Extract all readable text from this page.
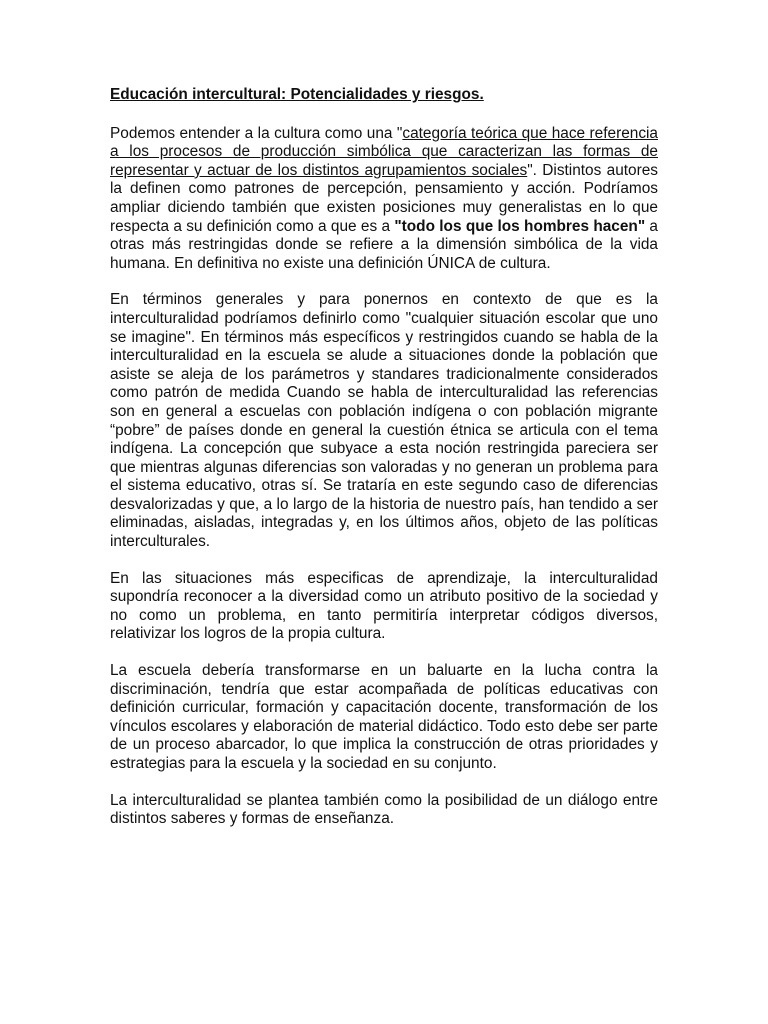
Educación intercultural: Potencialidades y riesgos.

Podemos entender a la cultura como una "categoría teórica que hace referencia a los procesos de producción simbólica que caracterizan las formas de representar y actuar de los distintos agrupamientos sociales". Distintos autores la definen como patrones de percepción, pensamiento y acción. Podríamos ampliar diciendo también que existen posiciones muy generalistas en lo que respecta a su definición como a que es a "todo los que los hombres hacen" a otras más restringidas donde se refiere a la dimensión simbólica de la vida humana. En definitiva no existe una definición ÚNICA de cultura.

En términos generales y para ponernos en contexto de que es la interculturalidad podríamos definirlo como "cualquier situación escolar que uno se imagine". En términos más específicos y restringidos cuando se habla de la interculturalidad en la escuela se alude a situaciones donde la población que asiste se aleja de los parámetros y standares tradicionalmente considerados como patrón de medida Cuando se habla de interculturalidad las referencias son en general a escuelas con población indígena o con población migrante “pobre” de países donde en general la cuestión étnica se articula con el tema indígena. La concepción que subyace a esta noción restringida pareciera ser que mientras algunas diferencias son valoradas y no generan un problema para el sistema educativo, otras sí. Se trataría en este segundo caso de diferencias desvalorizadas y que, a lo largo de la historia de nuestro país, han tendido a ser eliminadas, aisladas, integradas y, en los últimos años, objeto de las políticas interculturales.

En las situaciones más especificas de aprendizaje, la interculturalidad supondría reconocer a la diversidad como un atributo positivo de la sociedad y no como un problema, en tanto permitiría interpretar códigos diversos, relativizar los logros de la propia cultura.

La escuela debería transformarse en un baluarte en la lucha contra la discriminación, tendría que estar acompañada de políticas educativas con definición curricular, formación y capacitación docente, transformación de los vínculos escolares y elaboración de material didáctico. Todo esto debe ser parte de un proceso abarcador, lo que implica la construcción de otras prioridades y estrategias para la escuela y la sociedad en su conjunto.

La interculturalidad se plantea también como la posibilidad de un diálogo entre distintos saberes y formas de enseñanza.
